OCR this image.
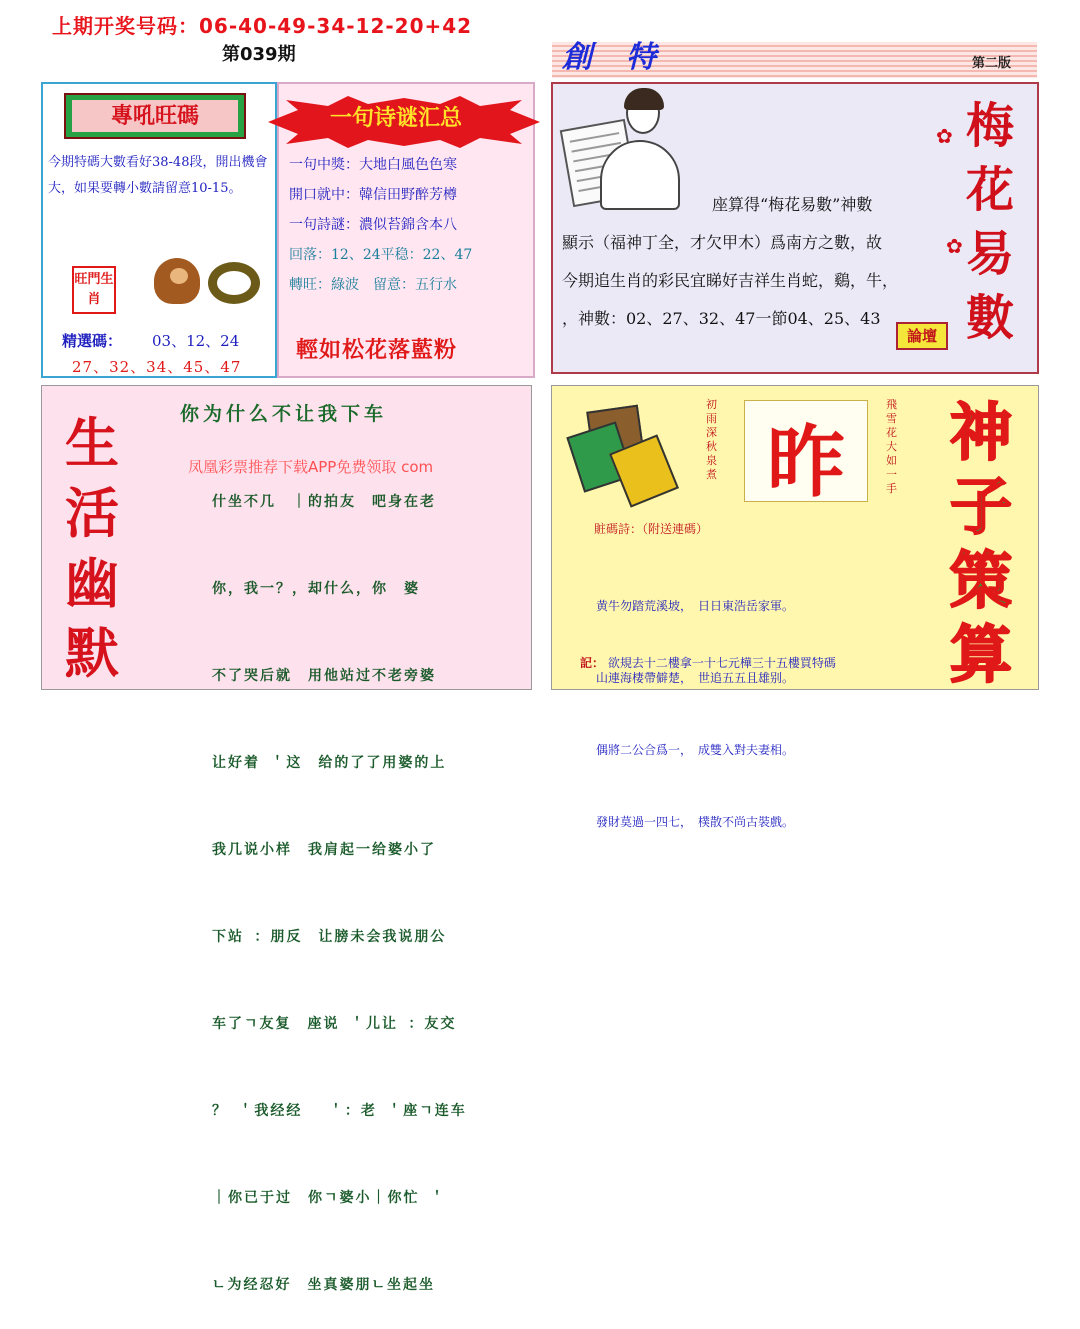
上期开奖号码：06-40-49-34-12-20+42
第039期	創特	第二版
專吼旺碼
今期特碼大數看好38-48段，開出機會大，如果要轉小數請留意10-15。
旺門生肖
精選碼： 03、12、24
27、32、34、45、47
一句诗谜汇总
一句中獎：大地白風色色寒
開口就中：韓信田野醉芳樽
一句詩謎：濃似苔錦含本八
回落：12、24平稳：22、47
轉旺：綠波　留意：五行水
輕如松花落藍粉
座算得“梅花易數”神數
顯示（福神丁全，才欠甲木）爲南方之數，故
今期追生肖的彩民宜睇好吉祥生肖蛇，鷄，牛，
，神數：02、27、32、47一節04、25、43
梅花易數
✿
✿
論壇
你为什么不让我下车
生活幽默

什坐不几　｜的拍友　吧身在老

你，我一？，却什么，你　婆

不了哭后就　用他站过不老旁婆

让好着 ＇这　给的了了用婆的上

我几说小样　我肩起一给婆小了

下站 ：朋反　让膀未会我说朋公

车了ㄱ友复　座说 ＇儿让 ：友交

？ ＇我经经　 ＇：老 ＇座ㄱ连车

｜你已于过　你ㄱ婆小｜你忙 ＇

ㄴ为经忍好　坐真婆朋ㄴ坐起坐

凤凰彩票推荐下载APP免费领取 com
初雨深秋泉煮 昨
飛雪花大如一手
神子策算
賍碼詩：（附送連碼）

黄牛勿踏荒溪坡，　日日東浩岳家軍。

山連海棲帶僻楚，　世追五五且雄别。

偶將二公合爲一，　成雙入對夫妻相。

發財莫過一四七，　樸散不尚古裝戲。

記： 欲規去十二樓拿一十七元樺三十五樓買特碼
